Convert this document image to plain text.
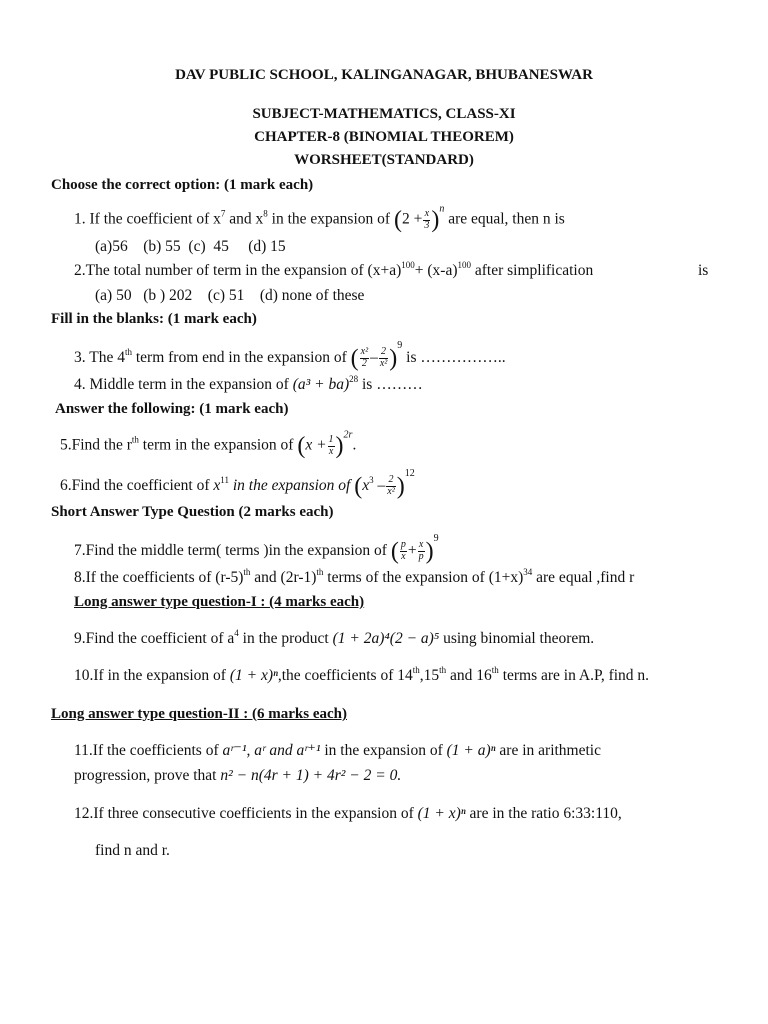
DAV PUBLIC SCHOOL, KALINGANAGAR, BHUBANESWAR
SUBJECT-MATHEMATICS, CLASS-XI
CHAPTER-8 (BINOMIAL THEOREM)
WORSHEET(STANDARD)
Choose the correct option: (1 mark each)
1. If the coefficient of $x^7$ and $x^8$ in the expansion of $(2 + \frac{x}{3} )^n$ are equal, then n is
(a)56    (b) 55  (c)  45     (d) 15
2.The total number of term in the expansion of $(x+a)^{100}+ (x-a)^{100}$ after simplification	is
(a) 50   (b ) 202    (c) 51    (d) none of these
Fill in the blanks: (1 mark each)
3. The 4th term from end in the expansion of ( $\frac{\text{x²}}{2} - \frac{2}{\text{x²}} )^9$ is ……………..
4. Middle term in the expansion of (a³ + ba)$^{28}$ is ………
Answer the following: (1 mark each)
5.Find the $r^{th}$ term in the expansion of $(x + \frac{1}{x} )^{2r}$.
6.Find the coefficient of $x^{11}$ in the expansion of $(x^3 - \frac{2}{\text{x²}} )^{12}$
Short Answer Type Question (2 marks each)
7.Find the middle term( terms )in the expansion of ( $\frac{p}{x} + \frac{x}{p} )^9$
8.If the coefficients of $(r-5)^{th}$ and $(2r-1)^{th}$ terms of the expansion of $(1+x)^{34}$ are equal ,find r
Long answer type question-I : (4 marks each)
9.Find the coefficient of $a^4$ in the product (1 + 2a)⁴(2 − a)⁵ using binomial theorem.
10.If in the expansion of (1 + x)ⁿ,the coefficients of 14th,15th and 16th terms are in A.P, find n.
Long answer type question-II : (6 marks each)
11.If the coefficients of aʳ⁻¹, aʳ and aʳ⁺¹ in the expansion of (1 + a)ⁿ are in arithmetic
progression, prove that n² − n(4r + 1) + 4r² − 2 = 0.
12.If three consecutive coefficients in the expansion of (1 + x)ⁿ are in the ratio 6:33:110,
find n and r.
